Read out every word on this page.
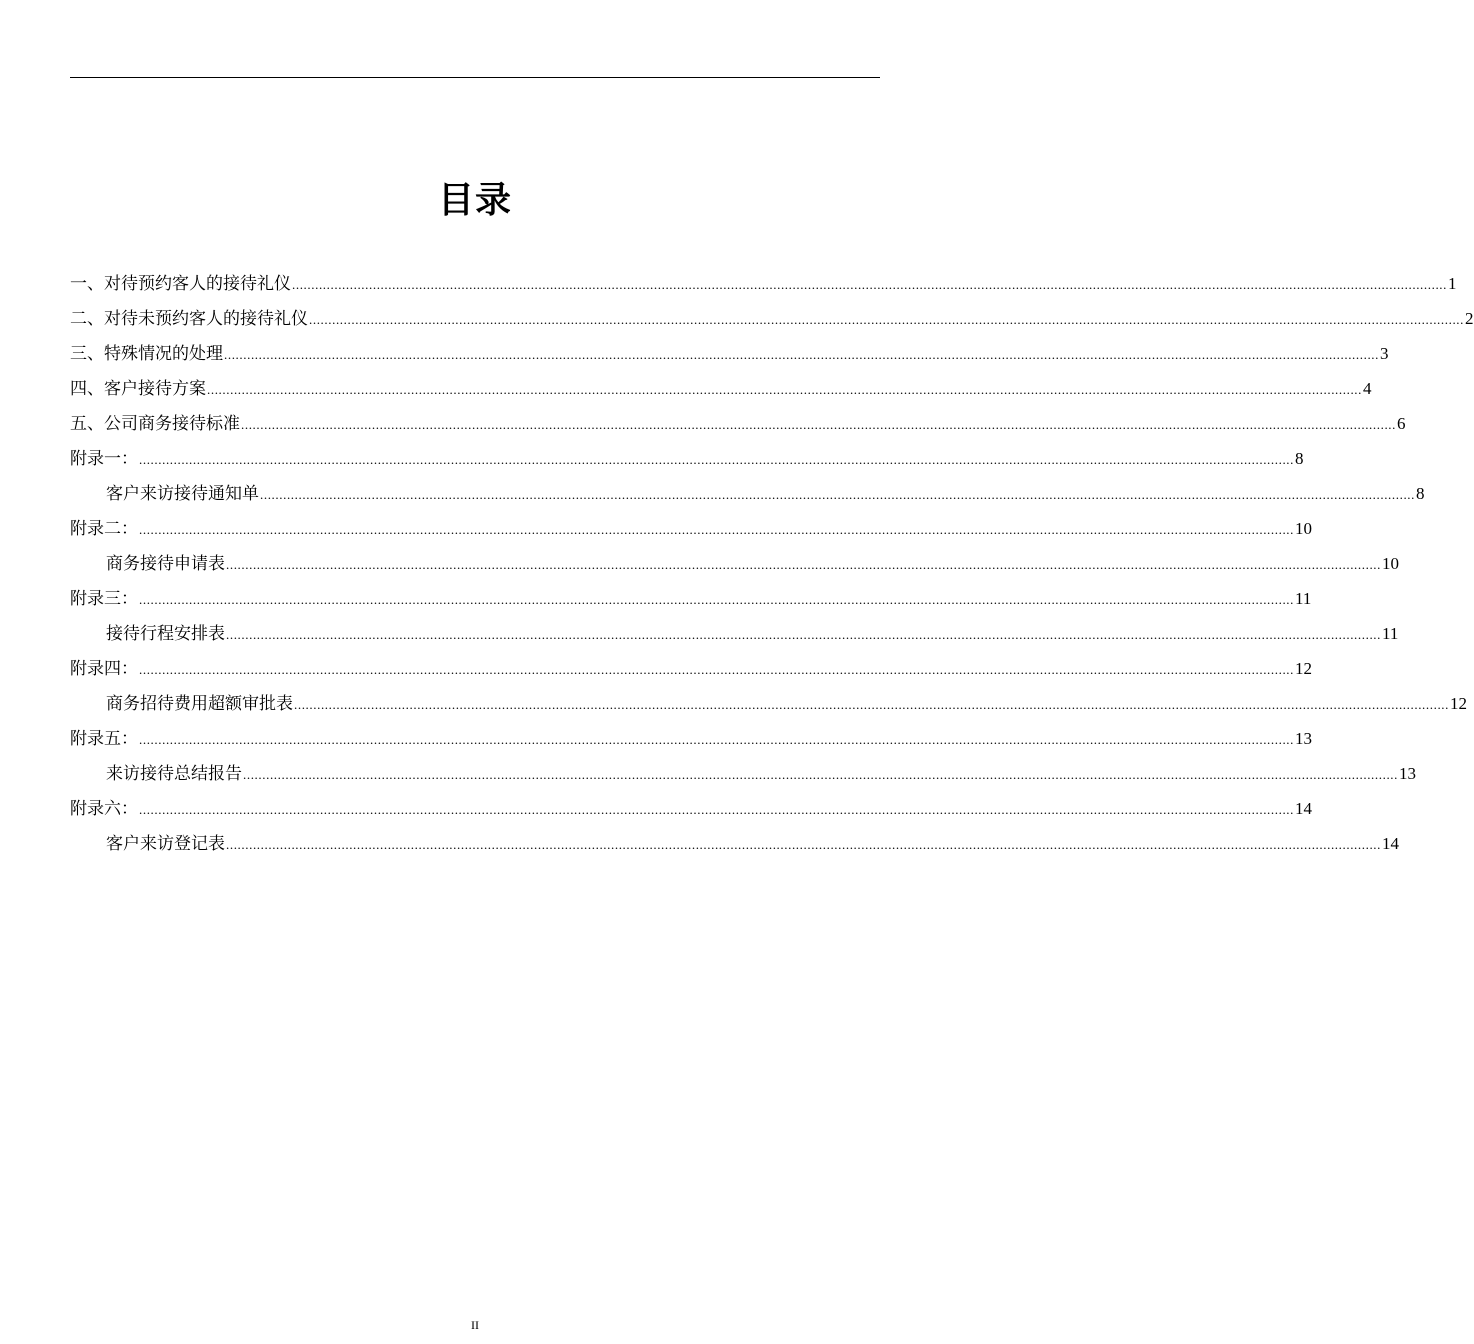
目录
一、对待预约客人的接待礼仪 ............................................................................................................................................................................................................................................................................................................ 1
二、对待未预约客人的接待礼仪 ............................................................................................................................................................................................................................................................................................................ 2
三、特殊情况的处理 ............................................................................................................................................................................................................................................................................................................ 3
四、客户接待方案 ............................................................................................................................................................................................................................................................................................................ 4
五、公司商务接待标准 ............................................................................................................................................................................................................................................................................................................ 6
附录一： ............................................................................................................................................................................................................................................................................................................ 8
客户来访接待通知单 ............................................................................................................................................................................................................................................................................................................ 8
附录二： ............................................................................................................................................................................................................................................................................................................ 10
商务接待申请表 ............................................................................................................................................................................................................................................................................................................ 10
附录三： ............................................................................................................................................................................................................................................................................................................ 11
接待行程安排表 ............................................................................................................................................................................................................................................................................................................ 11
附录四： ............................................................................................................................................................................................................................................................................................................ 12
商务招待费用超额审批表 ............................................................................................................................................................................................................................................................................................................ 12
附录五： ............................................................................................................................................................................................................................................................................................................ 13
来访接待总结报告 ............................................................................................................................................................................................................................................................................................................ 13
附录六： ............................................................................................................................................................................................................................................................................................................ 14
客户来访登记表 ............................................................................................................................................................................................................................................................................................................ 14
II
